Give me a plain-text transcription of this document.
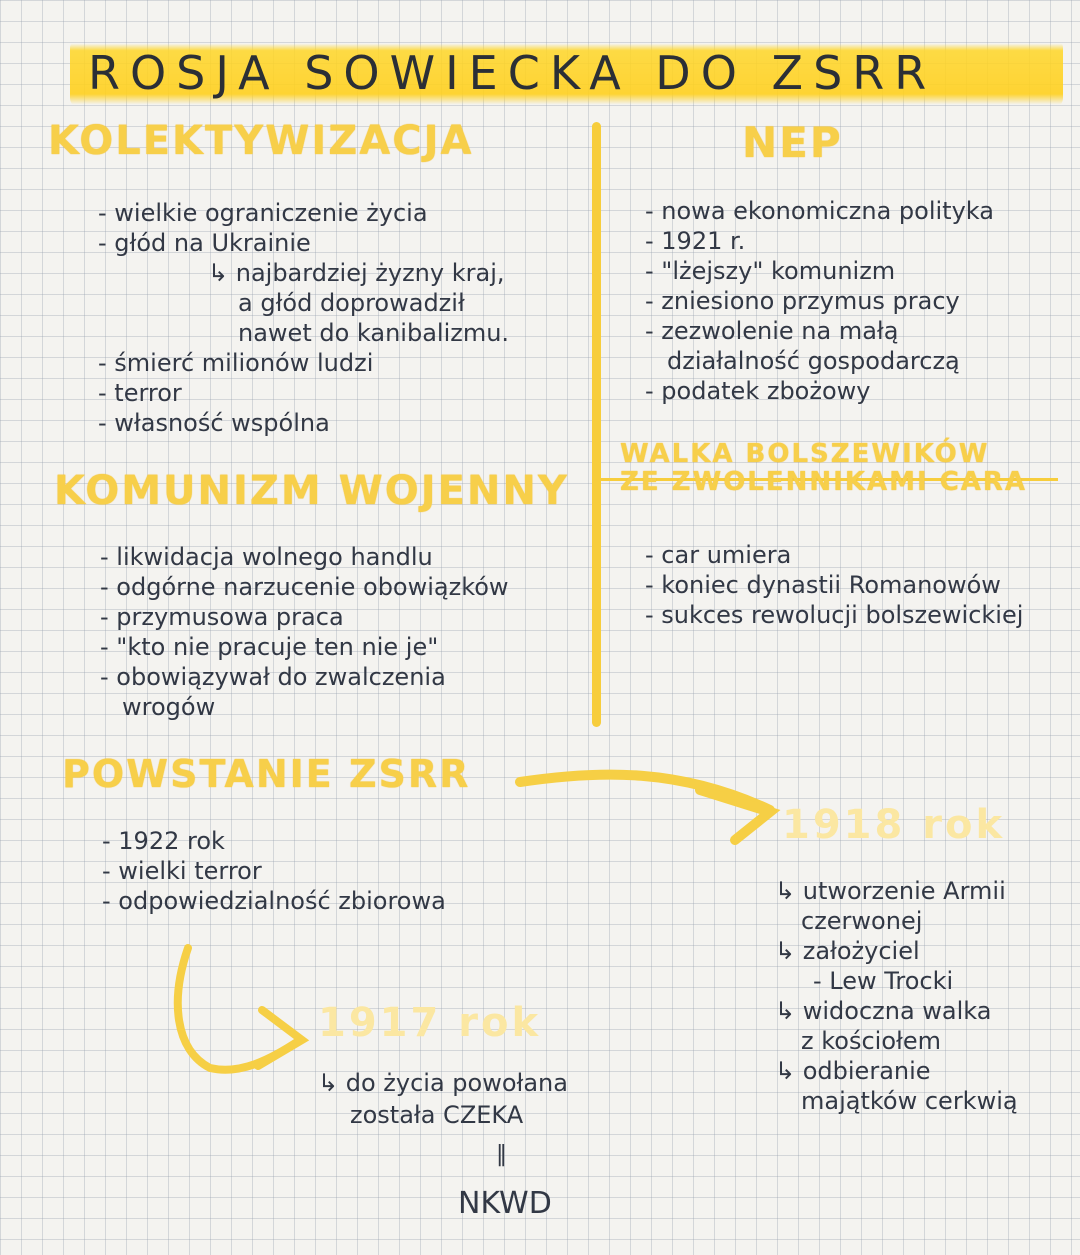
ROSJA SOWIECKA DO ZSRR
KOLEKTYWIZACJA
- wielkie ograniczenie życia
- głód na Ukrainie
↳ najbardziej żyzny kraj,
a głód doprowadził
nawet do kanibalizmu.
- śmierć milionów ludzi
- terror
- własność wspólna
NEP
- nowa ekonomiczna polityka
- 1921 r.
- "lżejszy" komunizm
- zniesiono przymus pracy
- zezwolenie na małą
działalność gospodarczą
- podatek zbożowy
KOMUNIZM WOJENNY
- likwidacja wolnego handlu
- odgórne narzucenie obowiązków
- przymusowa praca
- "kto nie pracuje ten nie je"
- obowiązywał do zwalczenia
wrogów
WALKA BOLSZEWIKÓW
ZE ZWOLENNIKAMI CARA
- car umiera
- koniec dynastii Romanowów
- sukces rewolucji bolszewickiej
POWSTANIE ZSRR
- 1922 rok
- wielki terror
- odpowiedzialność zbiorowa
1918 rok
↳ utworzenie Armii
czerwonej
↳ założyciel
- Lew Trocki
↳ widoczna walka
z kościołem
↳ odbieranie
majątków cerkwią
1917 rok
↳ do życia powołana
została CZEKA
‖
NKWD
